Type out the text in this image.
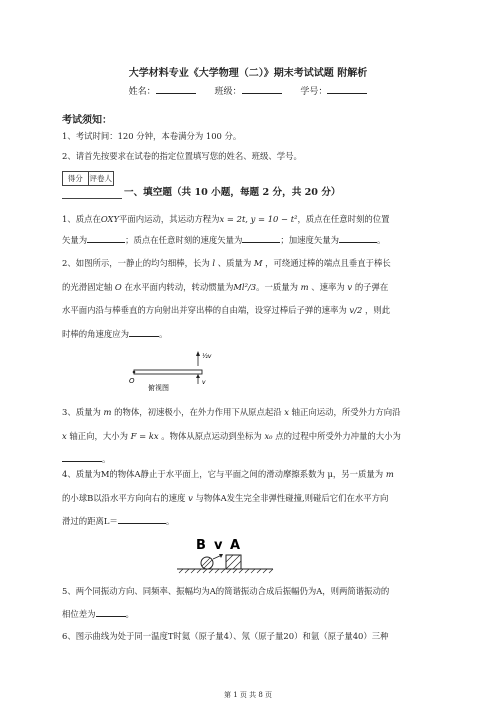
大学材料专业《大学物理（二）》期末考试试题 附解析
姓名：	班级：	学号：
考试须知：
1、考试时间：120 分钟，本卷满分为 100 分。
2、请首先按要求在试卷的指定位置填写您的姓名、班级、学号。
得分 评卷人
一、填空题（共 10 小题，每题 2 分，共 20 分）
1、质点在OXY平面内运动，其运动方程为x = 2t, y = 10 − t²，质点在任意时刻的位置
矢量为	；质点在任意时刻的速度矢量为	；加速度矢量为	。
2、如图所示，一静止的均匀细棒，长为 l 、质量为 M ，可绕通过棒的端点且垂直于棒长
的光滑固定轴 O 在水平面内转动，转动惯量为Ml²/3。一质量为 m 、速率为 v 的子弹在
水平面内沿与棒垂直的方向射出并穿出棒的自由端，设穿过棒后子弹的速率为 v/2 ，则此
时棒的角速度应为	。
O
½v
v
俯视图
3、质量为 m 的物体，初速极小，在外力作用下从原点起沿 x 轴正向运动，所受外力方向沿
x 轴正向，大小为 F = kx 。物体从原点运动到坐标为 x₀ 点的过程中所受外力冲量的大小为
。
4、质量为M的物体A静止于水平面上，它与平面之间的滑动摩擦系数为 μ，另一质量为 m
的小球B以沿水平方向向右的速度 v 与物体A发生完全非弹性碰撞,则碰后它们在水平方向
滑过的距离L＝	。
B v A
5、两个同振动方向、同频率、振幅均为A的简谐振动合成后振幅仍为A，则两简谐振动的
相位差为	。
6、图示曲线为处于同一温度T时氦（原子量4）、氖（原子量20）和氩（原子量40）三种
第 1 页 共 8 页
